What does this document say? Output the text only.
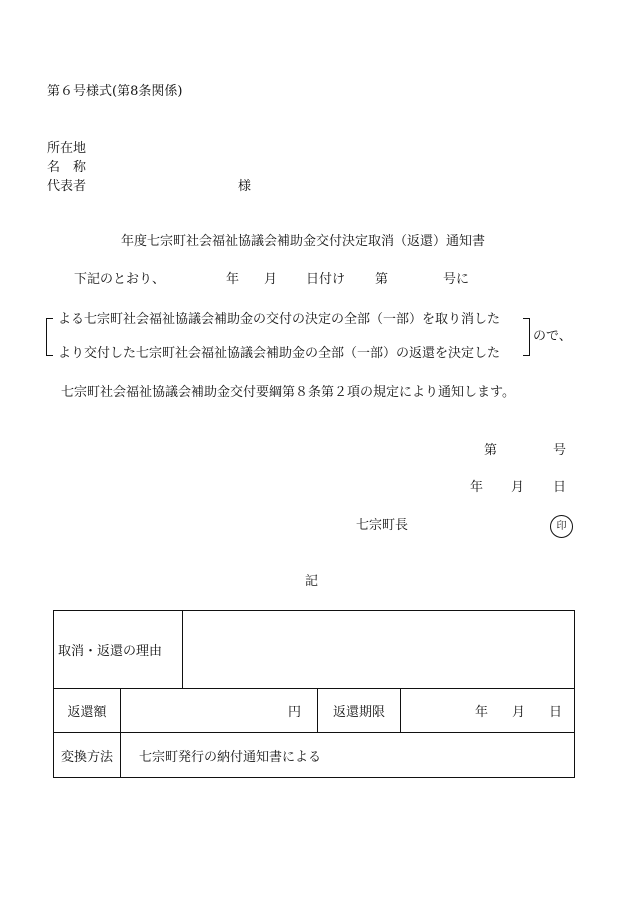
第６号様式(第8条関係)
所在地
名　称
代表者	様
年度七宗町社会福祉協議会補助金交付決定取消（返還）通知書
下記のとおり、	年 月 日付け 第	号に
よる七宗町社会福祉協議会補助金の交付の決定の全部（一部）を取り消した
より交付した七宗町社会福祉協議会補助金の全部（一部）の返還を決定した
ので、
七宗町社会福祉協議会補助金交付要綱第８条第２項の規定により通知します。
第	号
年 月 日
七宗町長	印
記
取消・返還の理由				
返還額	円		返還期限	年 月 日

変換方法	七宗町発行の納付通知書による			
